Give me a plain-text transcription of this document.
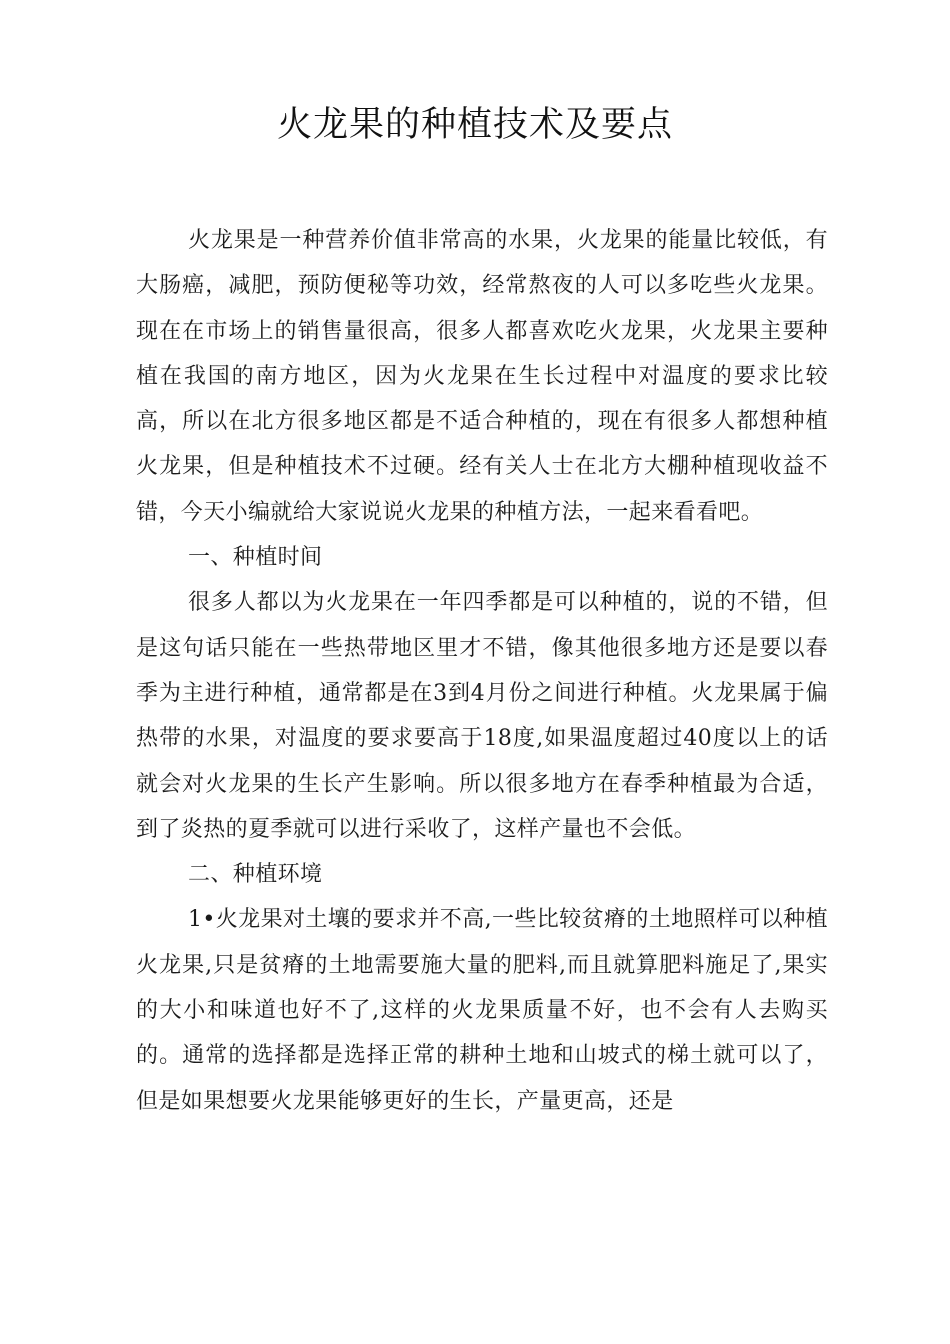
火龙果的种植技术及要点

火龙果是一种营养价值非常高的水果，火龙果的能量比较低，有大肠癌，减肥，预防便秘等功效，经常熬夜的人可以多吃些火龙果。现在在市场上的销售量很高，很多人都喜欢吃火龙果，火龙果主要种植在我国的南方地区，因为火龙果在生长过程中对温度的要求比较高，所以在北方很多地区都是不适合种植的，现在有很多人都想种植火龙果，但是种植技术不过硬。经有关人士在北方大棚种植现收益不错，今天小编就给大家说说火龙果的种植方法，一起来看看吧。

一、种植时间

很多人都以为火龙果在一年四季都是可以种植的，说的不错，但是这句话只能在一些热带地区里才不错，像其他很多地方还是要以春季为主进行种植，通常都是在3到4月份之间进行种植。火龙果属于偏热带的水果，对温度的要求要高于18度,如果温度超过40度以上的话就会对火龙果的生长产生影响。所以很多地方在春季种植最为合适，到了炎热的夏季就可以进行采收了，这样产量也不会低。

二、种植环境

1•火龙果对土壤的要求并不高,一些比较贫瘠的土地照样可以种植火龙果,只是贫瘠的土地需要施大量的肥料,而且就算肥料施足了,果实的大小和味道也好不了,这样的火龙果质量不好，也不会有人去购买的。通常的选择都是选择正常的耕种土地和山坡式的梯土就可以了，但是如果想要火龙果能够更好的生长，产量更高，还是
